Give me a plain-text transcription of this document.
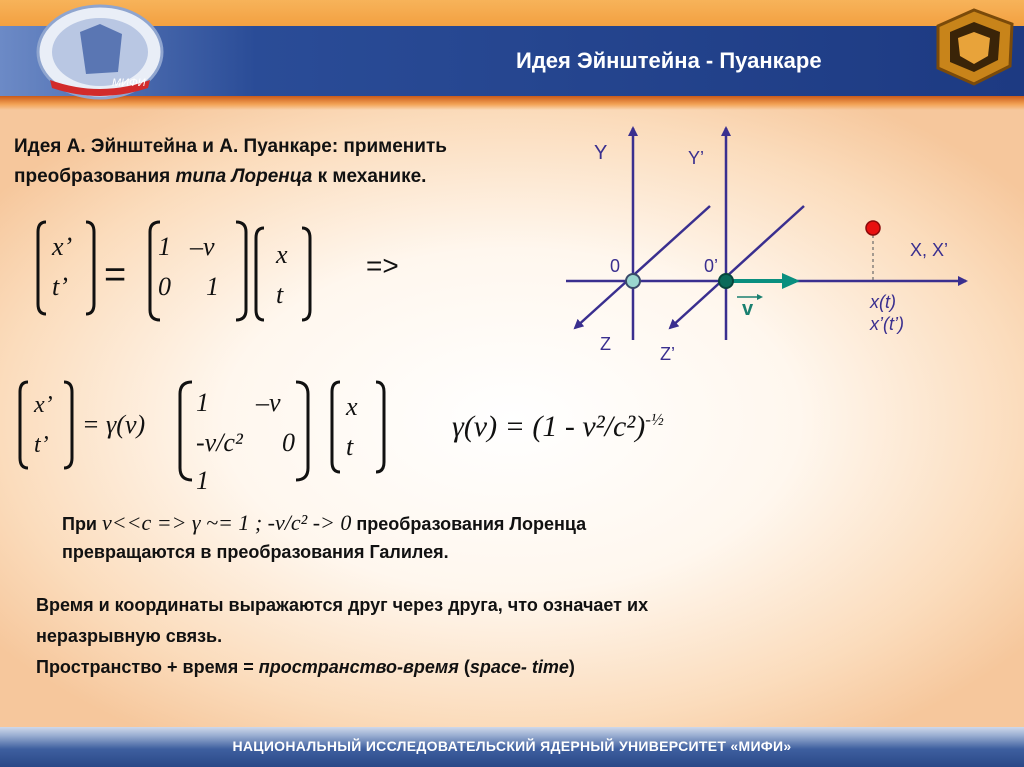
МИФИ
Идея Эйнштейна - Пуанкаре
Идея А. Эйнштейна и А. Пуанкаре: применить
преобразования типа Лоренца к механике.
x’
t’ =
1 –v
0 1
x
t
=>
x’
t’
= γ(v)
1 –v
-v/c² 0
1
x
t
γ(v) = (1 - v²/c²)$^{-\frac{1}{2}}$
При v<<c => γ ~= 1 ; -v/c² -> 0 преобразования Лоренца
превращаются в преобразования Галилея.
Время и координаты выражаются друг через друга, что означает их
неразрывную связь.
Пространство + время = пространство-время (space- time)
Y	Y’
X, X’
0	0’
Z	Z’
v	x(t)
x’(t’)
НАЦИОНАЛЬНЫЙ ИССЛЕДОВАТЕЛЬСКИЙ ЯДЕРНЫЙ УНИВЕРСИТЕТ «МИФИ»
